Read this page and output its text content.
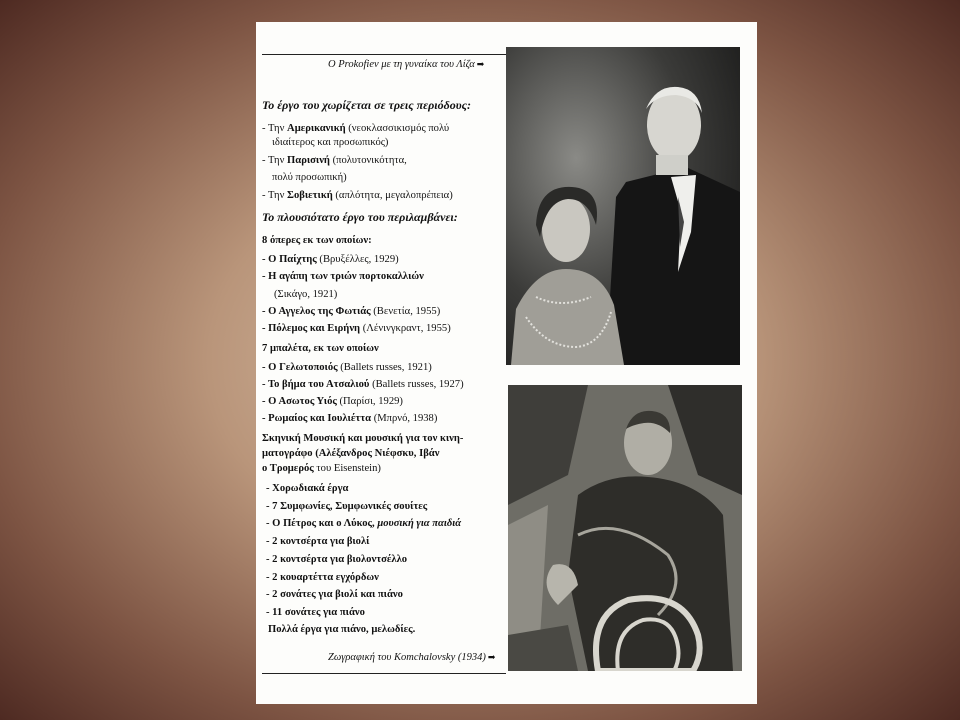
Ο Prokofiev με τη γυναίκα του Λίζα ➡
Το έργο του χωρίζεται σε τρεις περιόδους:
- Την Αμερικανική (νεοκλασσικισμός πολύ
ιδιαίτερος και προσωπικός)
- Την Παρισινή (πολυτονικότητα,
πολύ προσωπική)
- Την Σοβιετική (απλότητα, μεγαλοπρέπεια)
Το πλουσιότατο έργο του περιλαμβάνει:
8 όπερες εκ των οποίων:
- Ο Παίχτης (Βρυξέλλες, 1929)
- Η αγάπη των τριών πορτοκαλλιών
(Σικάγο, 1921)
- Ο Αγγελος της Φωτιάς (Βενετία, 1955)
- Πόλεμος και Ειρήνη (Λένινγκραντ, 1955)
7 μπαλέτα, εκ των οποίων
- Ο Γελωτοποιός (Ballets russes, 1921)
- Το βήμα του Ατσαλιού (Ballets russes, 1927)
- Ο Ασωτος Υιός (Παρίσι, 1929)
- Ρωμαίος και Ιουλιέττα (Μπρνό, 1938)
Σκηνική Μουσική και μουσική για τον κινη-
ματογράφο (Αλέξανδρος Νιέφσκυ, Ιβάν
ο Τρομερός του Eisenstein)
- Χορωδιακά έργα
- 7 Συμφωνίες, Συμφωνικές σουίτες
- Ο Πέτρος και ο Λύκος, μουσική για παιδιά
- 2 κοντσέρτα για βιολί
- 2 κοντσέρτα για βιολοντσέλλο
- 2 κουαρτέττα εγχόρδων
- 2 σονάτες για βιολί και πιάνο
- 11 σονάτες για πιάνο
Πολλά έργα για πιάνο, μελωδίες.
Ζωγραφική του Komchalovsky (1934) ➡
